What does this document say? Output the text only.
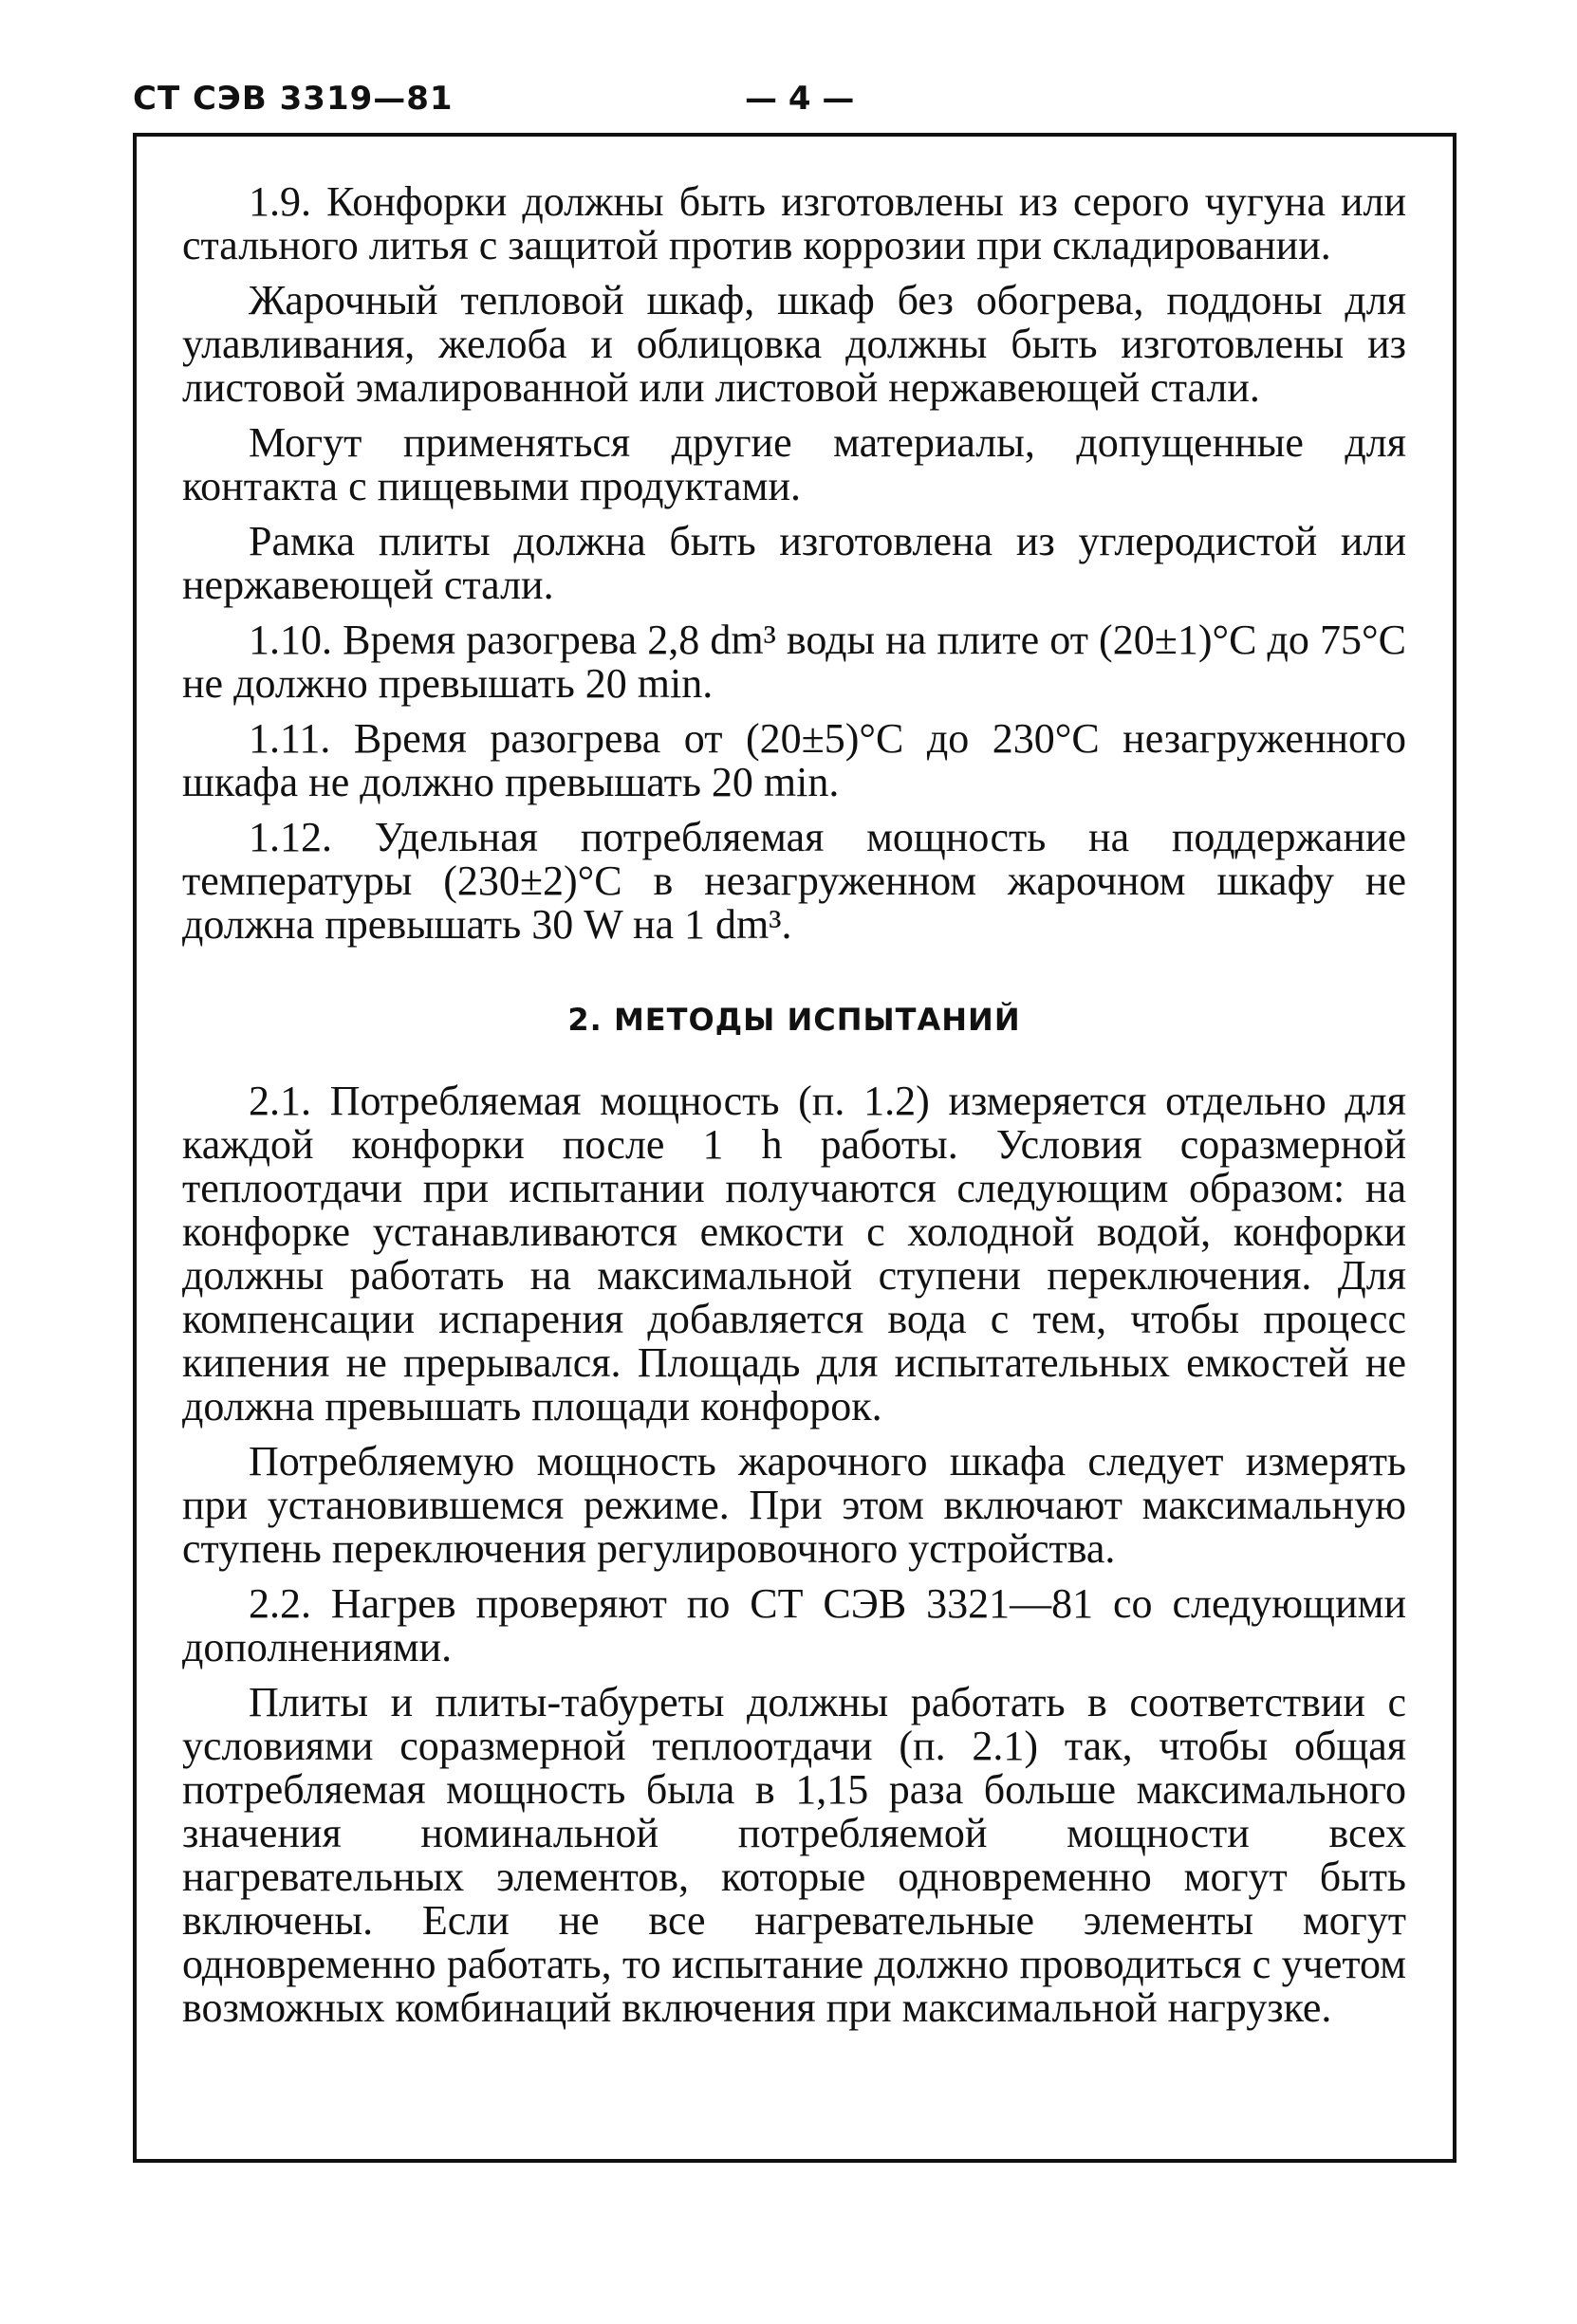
СТ СЭВ 3319—81	— 4 —

1.9. Конфорки должны быть изготовлены из серого чугуна или стального литья с защитой против коррозии при складировании.

Жарочный тепловой шкаф, шкаф без обогрева, поддоны для улавливания, желоба и облицовка должны быть изготовлены из листовой эмалированной или листовой нержавеющей стали.

Могут применяться другие материалы, допущенные для контакта с пищевыми продуктами.

Рамка плиты должна быть изготовлена из углеродистой или нержавеющей стали.

1.10. Время разогрева 2,8 dm³ воды на плите от (20±1)°С до 75°С не должно превышать 20 min.

1.11. Время разогрева от (20±5)°С до 230°С незагруженного шкафа не должно превышать 20 min.

1.12. Удельная потребляемая мощность на поддержание температуры (230±2)°С в незагруженном жарочном шкафу не должна превышать 30 W на 1 dm³.

2. МЕТОДЫ ИСПЫТАНИЙ

2.1. Потребляемая мощность (п. 1.2) измеряется отдельно для каждой конфорки после 1 h работы. Условия соразмерной теплоотдачи при испытании получаются следующим образом: на конфорке устанавливаются емкости с холодной водой, конфорки должны работать на максимальной ступени переключения. Для компенсации испарения добавляется вода с тем, чтобы процесс кипения не прерывался. Площадь для испытательных емкостей не должна превышать площади конфорок.

Потребляемую мощность жарочного шкафа следует измерять при установившемся режиме. При этом включают максимальную ступень переключения регулировочного устройства.

2.2. Нагрев проверяют по СТ СЭВ 3321—81 со следующими дополнениями.

Плиты и плиты-табуреты должны работать в соответствии с условиями соразмерной теплоотдачи (п. 2.1) так, чтобы общая потребляемая мощность была в 1,15 раза больше максимального значения номинальной потребляемой мощности всех нагревательных элементов, которые одновременно могут быть включены. Если не все нагревательные элементы могут одновременно работать, то испытание должно проводиться с учетом возможных комбинаций включения при максимальной нагрузке.
